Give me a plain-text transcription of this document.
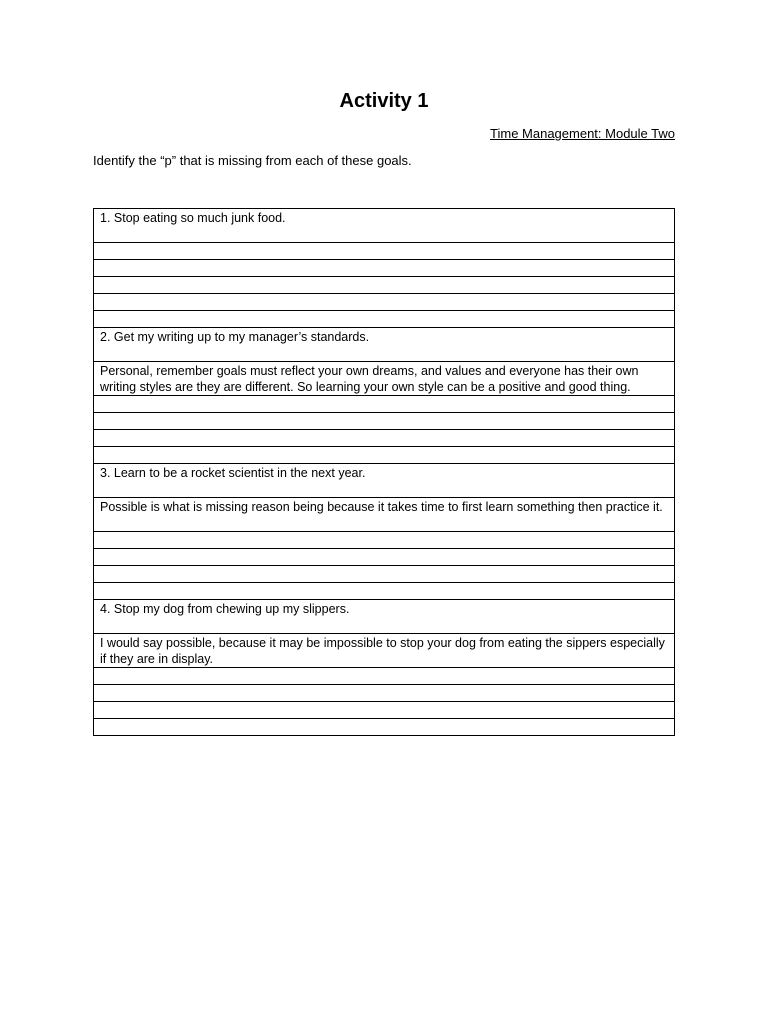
Activity 1
Time Management: Module Two
Identify the “p” that is missing from each of these goals.
1. Stop eating so much junk food.

2. Get my writing up to my manager’s standards.
Personal, remember goals must reflect your own dreams, and values and everyone has their own writing styles are they are different. So learning your own style can be a positive and good thing.

3. Learn to be a rocket scientist in the next year.
Possible is what is missing reason being because it takes time to first learn something then practice it.

4. Stop my dog from chewing up my slippers.
I would say possible, because it may be impossible to stop your dog from eating the sippers especially if they are in display.
